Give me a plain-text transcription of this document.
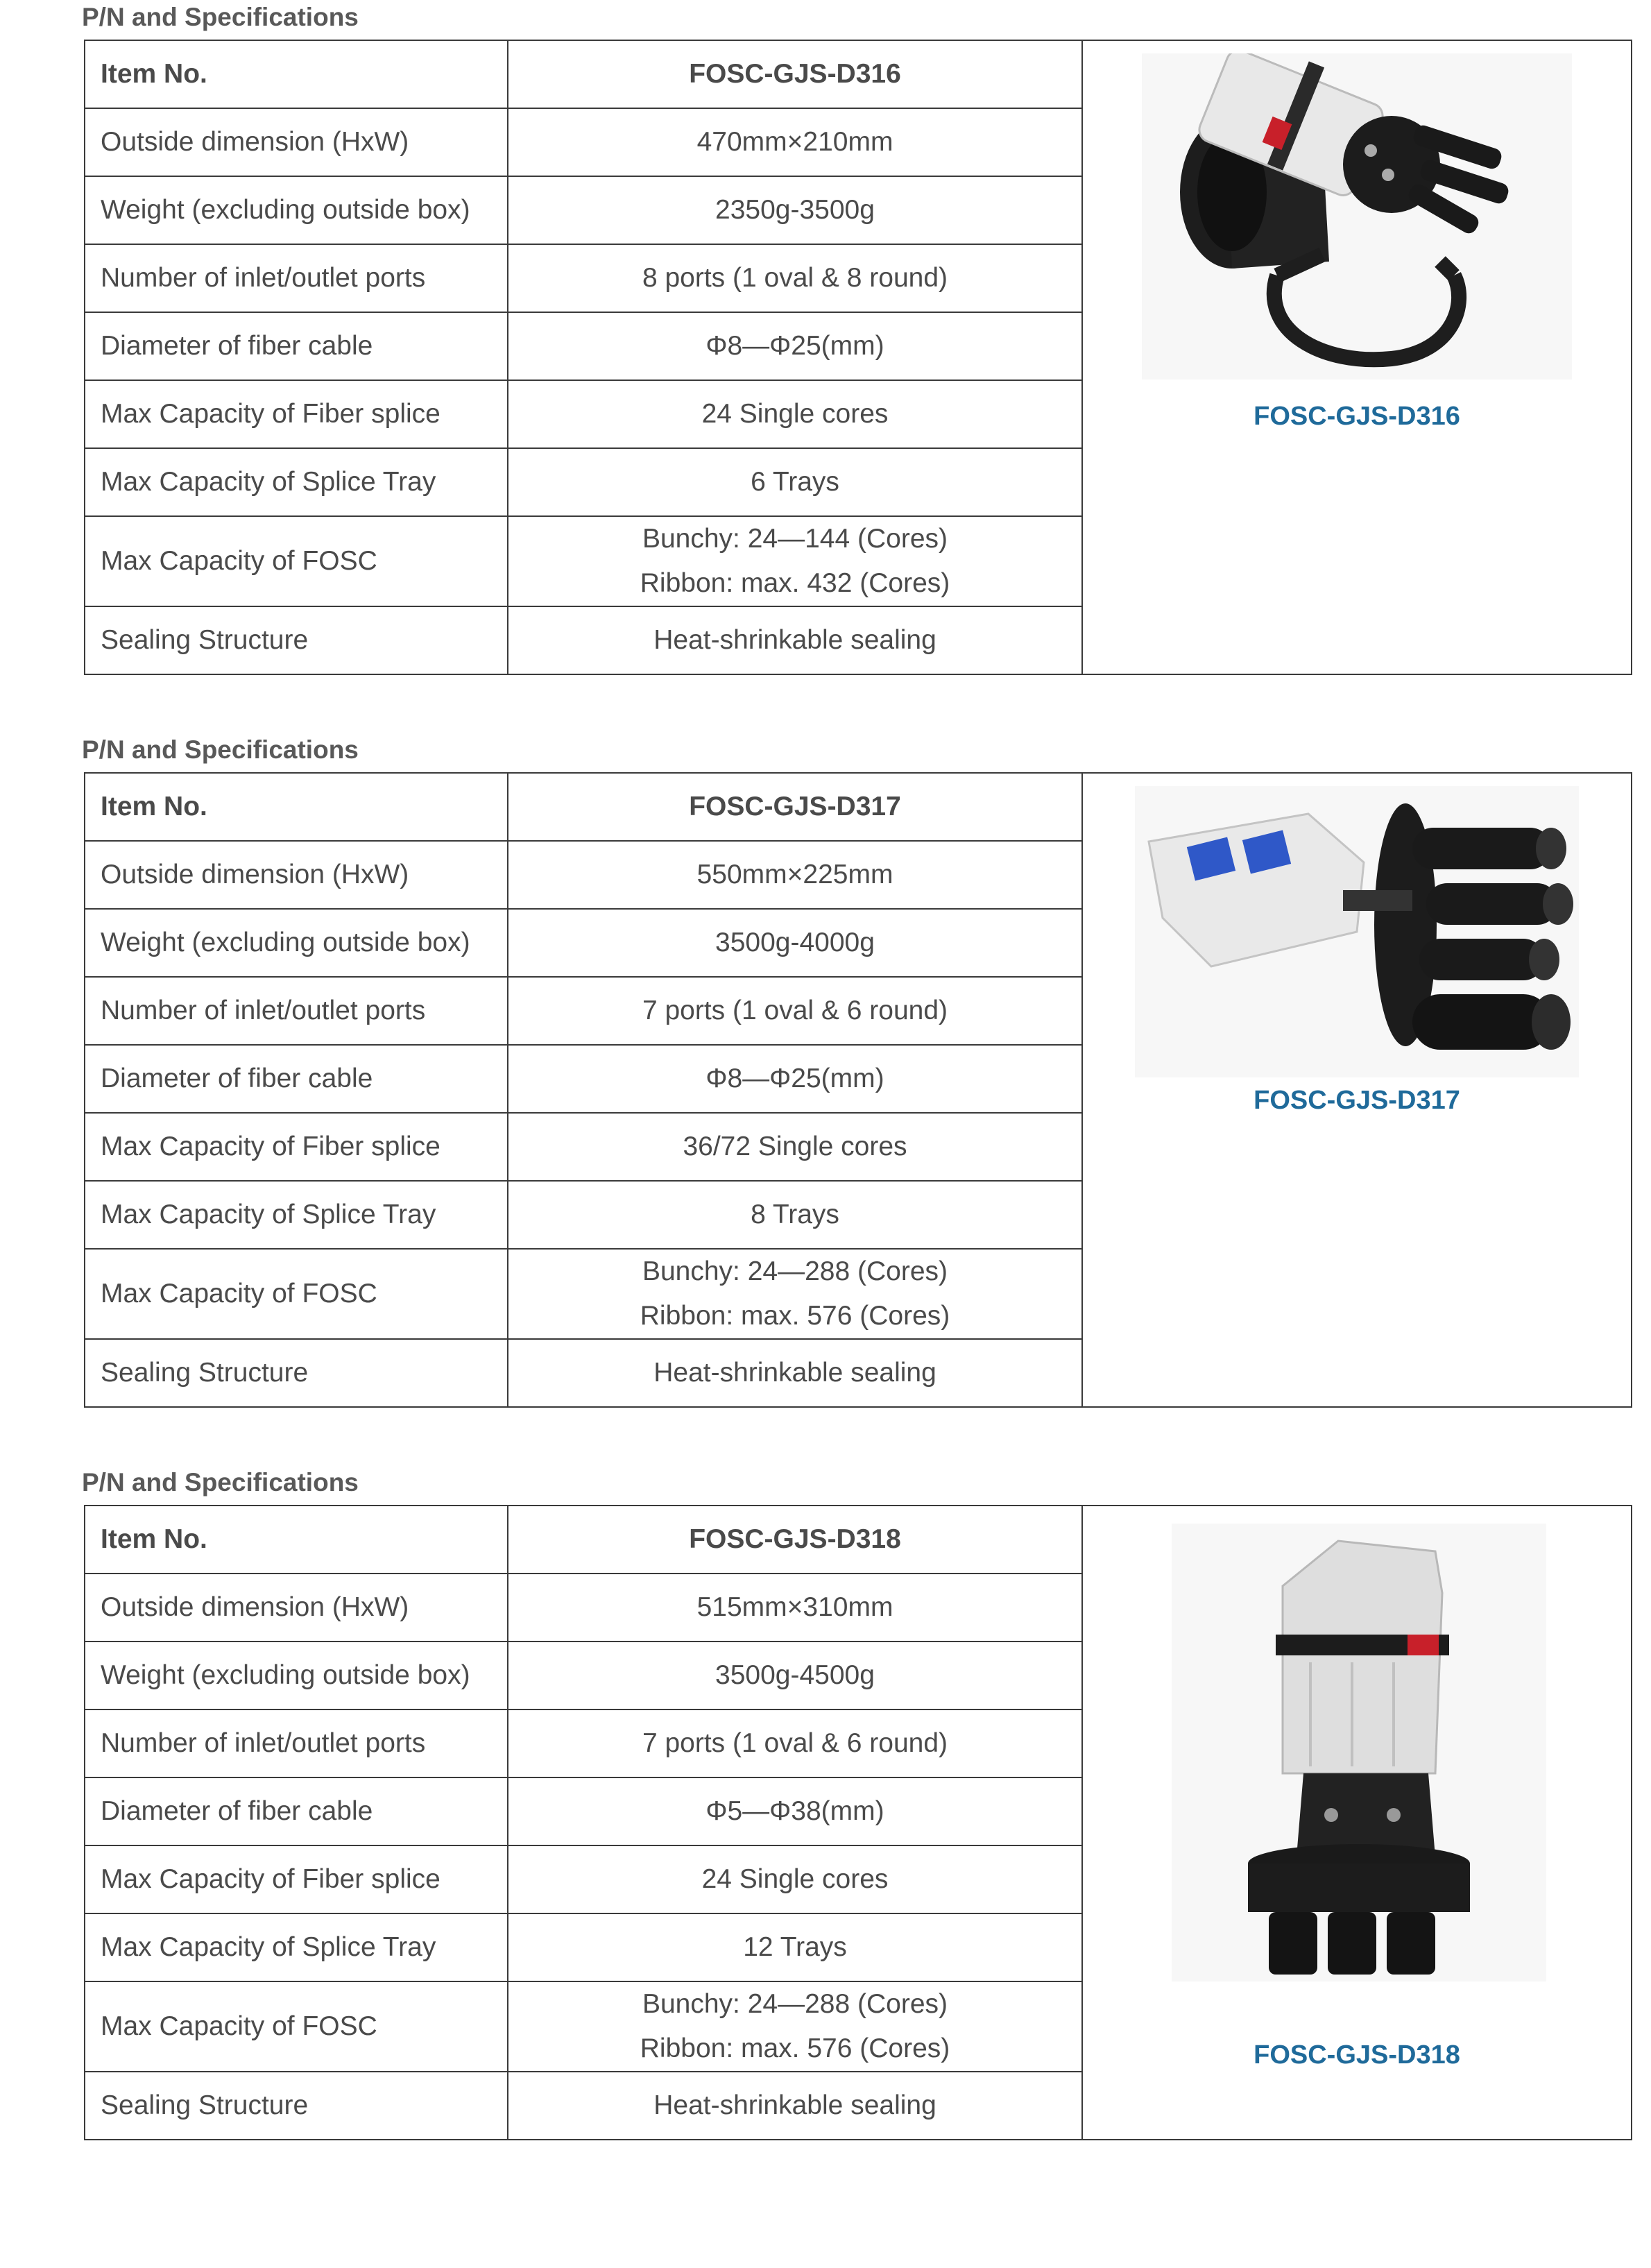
P/N and Specifications
Item No.	FOSC-GJS-D316	FOSC-GJS-D316

Outside dimension (HxW)	470mm×210mm	
Weight (excluding outside box)	2350g-3500g	
Number of inlet/outlet ports	8 ports (1 oval & 8 round)	
Diameter of fiber cable	Φ8—Φ25(mm)	
Max Capacity of Fiber splice	24 Single cores	
Max Capacity of Splice Tray	6 Trays	
Max Capacity of FOSC	Bunchy: 24—144 (Cores)
Ribbon: max. 432 (Cores)	

Sealing Structure	Heat-shrinkable sealing	
P/N and Specifications
Item No.	FOSC-GJS-D317	FOSC-GJS-D317

Outside dimension (HxW)	550mm×225mm	
Weight (excluding outside box)	3500g-4000g	
Number of inlet/outlet ports	7 ports (1 oval & 6 round)	
Diameter of fiber cable	Φ8—Φ25(mm)	
Max Capacity of Fiber splice	36/72 Single cores	
Max Capacity of Splice Tray	8 Trays	
Max Capacity of FOSC	Bunchy: 24—288 (Cores)
Ribbon: max. 576 (Cores)	

Sealing Structure	Heat-shrinkable sealing	
P/N and Specifications
Item No.	FOSC-GJS-D318	FOSC-GJS-D318

Outside dimension (HxW)	515mm×310mm	
Weight (excluding outside box)	3500g-4500g	
Number of inlet/outlet ports	7 ports (1 oval & 6 round)	
Diameter of fiber cable	Φ5—Φ38(mm)	
Max Capacity of Fiber splice	24 Single cores	
Max Capacity of Splice Tray	12 Trays	
Max Capacity of FOSC	Bunchy: 24—288 (Cores)
Ribbon: max. 576 (Cores)	

Sealing Structure	Heat-shrinkable sealing	
